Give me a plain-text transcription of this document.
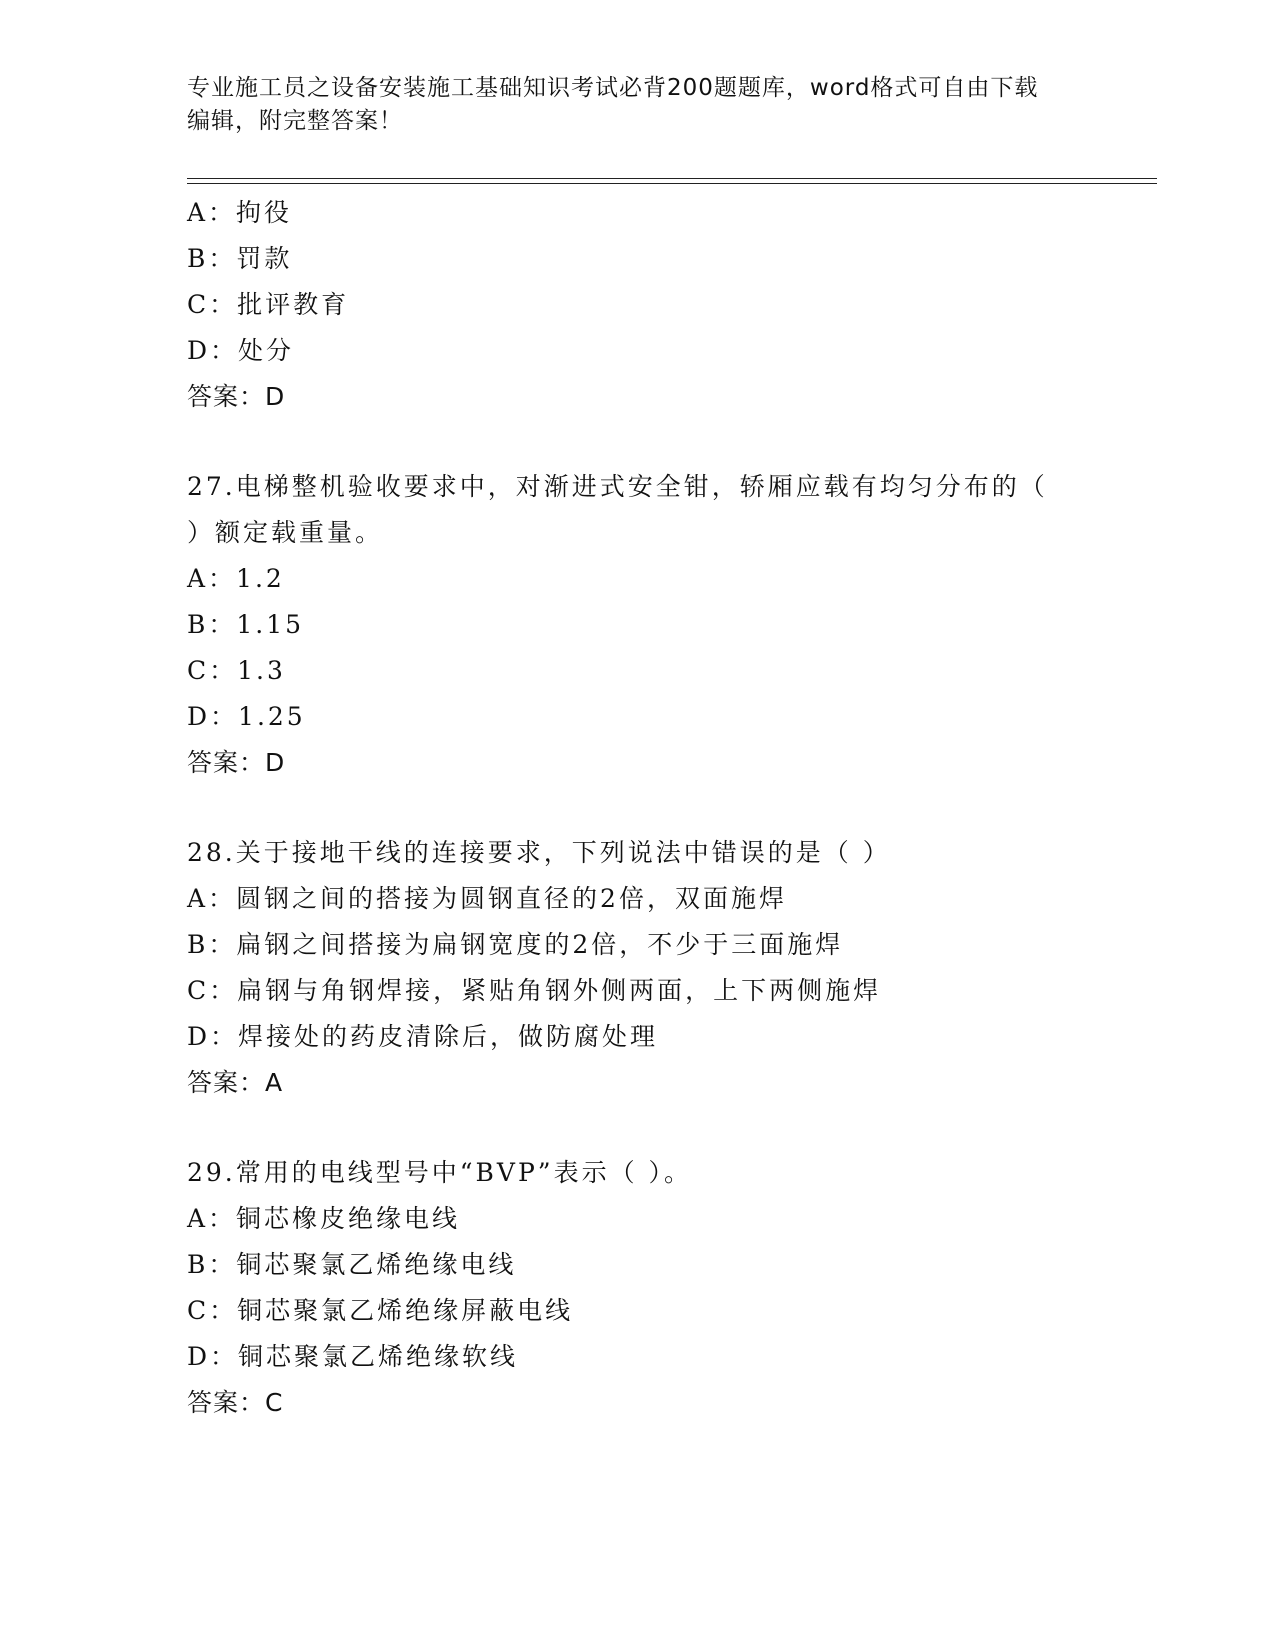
专业施工员之设备安装施工基础知识考试必背200题题库，word格式可自由下载
编辑，附完整答案！
A：拘役
B：罚款
C：批评教育
D：处分
答案：D
27.电梯整机验收要求中，对渐进式安全钳，轿厢应载有均匀分布的（
）额定载重量。
A：1.2
B：1.15
C：1.3
D：1.25
答案：D
28.关于接地干线的连接要求，下列说法中错误的是（ ）
A：圆钢之间的搭接为圆钢直径的2倍，双面施焊
B：扁钢之间搭接为扁钢宽度的2倍，不少于三面施焊
C：扁钢与角钢焊接，紧贴角钢外侧两面，上下两侧施焊
D：焊接处的药皮清除后，做防腐处理
答案：A
29.常用的电线型号中“BVP”表示（ ）。
A：铜芯橡皮绝缘电线
B：铜芯聚氯乙烯绝缘电线
C：铜芯聚氯乙烯绝缘屏蔽电线
D：铜芯聚氯乙烯绝缘软线
答案：C
